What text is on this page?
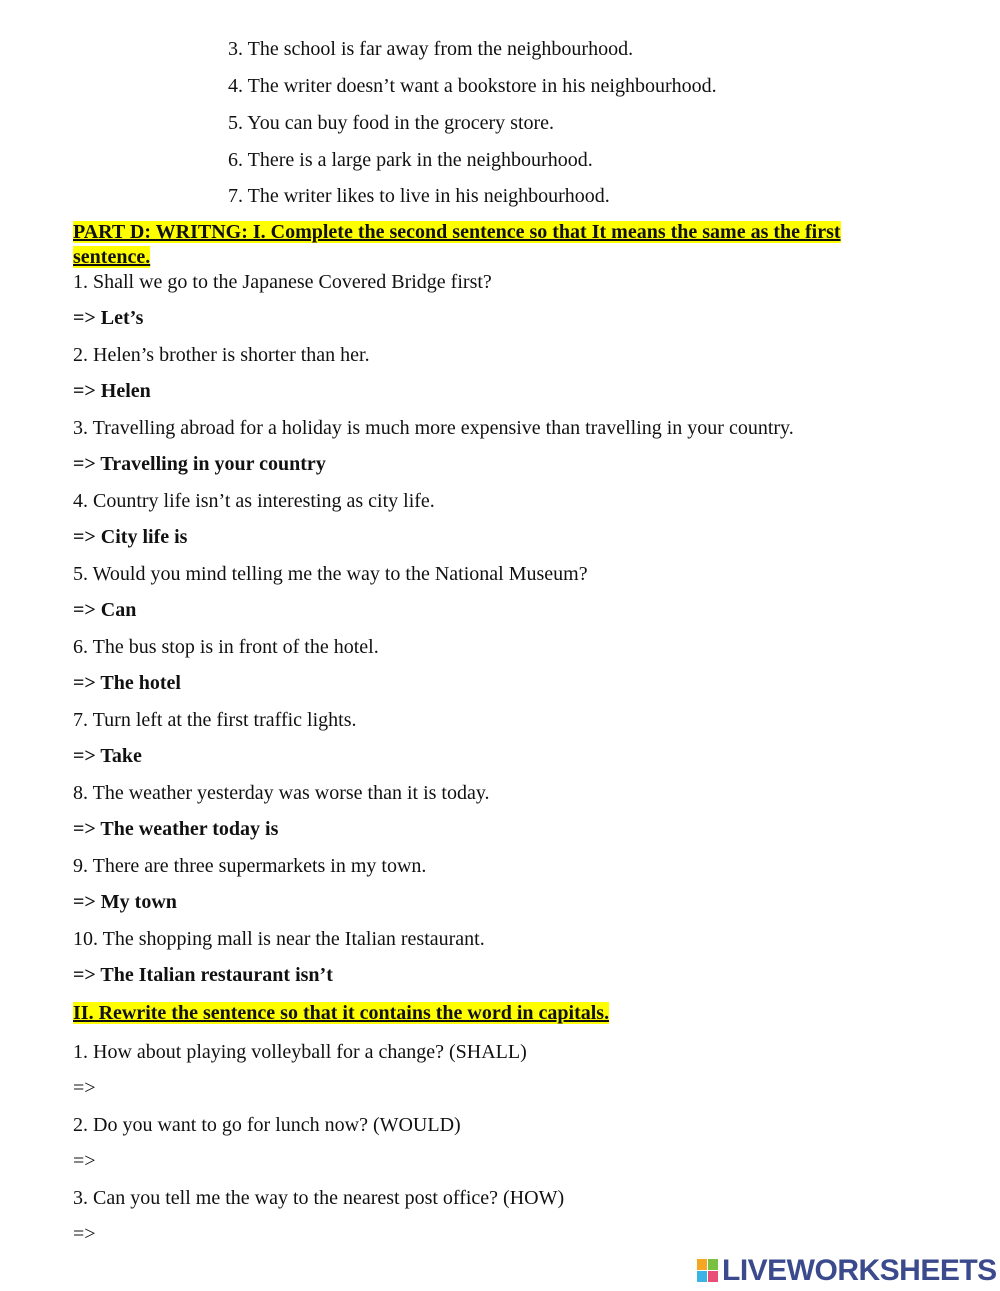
3. The school is far away from the neighbourhood.
4. The writer doesn’t want a bookstore in his neighbourhood.
5. You can buy food in the grocery store.
6. There is a large park in the neighbourhood.
7. The writer likes to live in his neighbourhood.
PART D: WRITNG: I. Complete the second sentence so that It means the same as the first sentence.
1. Shall we go to the Japanese Covered Bridge first?
=> Let’s
2. Helen’s brother is shorter than her.
=> Helen
3. Travelling abroad for a holiday is much more expensive than travelling in your country.
=> Travelling in your country
4. Country life isn’t as interesting as city life.
=> City life is
5. Would you mind telling me the way to the National Museum?
=> Can
6. The bus stop is in front of the hotel.
=> The hotel
7. Turn left at the first traffic lights.
=> Take
8. The weather yesterday was worse than it is today.
=> The weather today is
9. There are three supermarkets in my town.
=> My town
10. The shopping mall is near the Italian restaurant.
=> The Italian restaurant isn’t
II. Rewrite the sentence so that it contains the word in capitals.
1. How about playing volleyball for a change? (SHALL)
=>
2. Do you want to go for lunch now? (WOULD)
=>
3. Can you tell me the way to the nearest post office? (HOW)
=>
LIVEWORKSHEETS
